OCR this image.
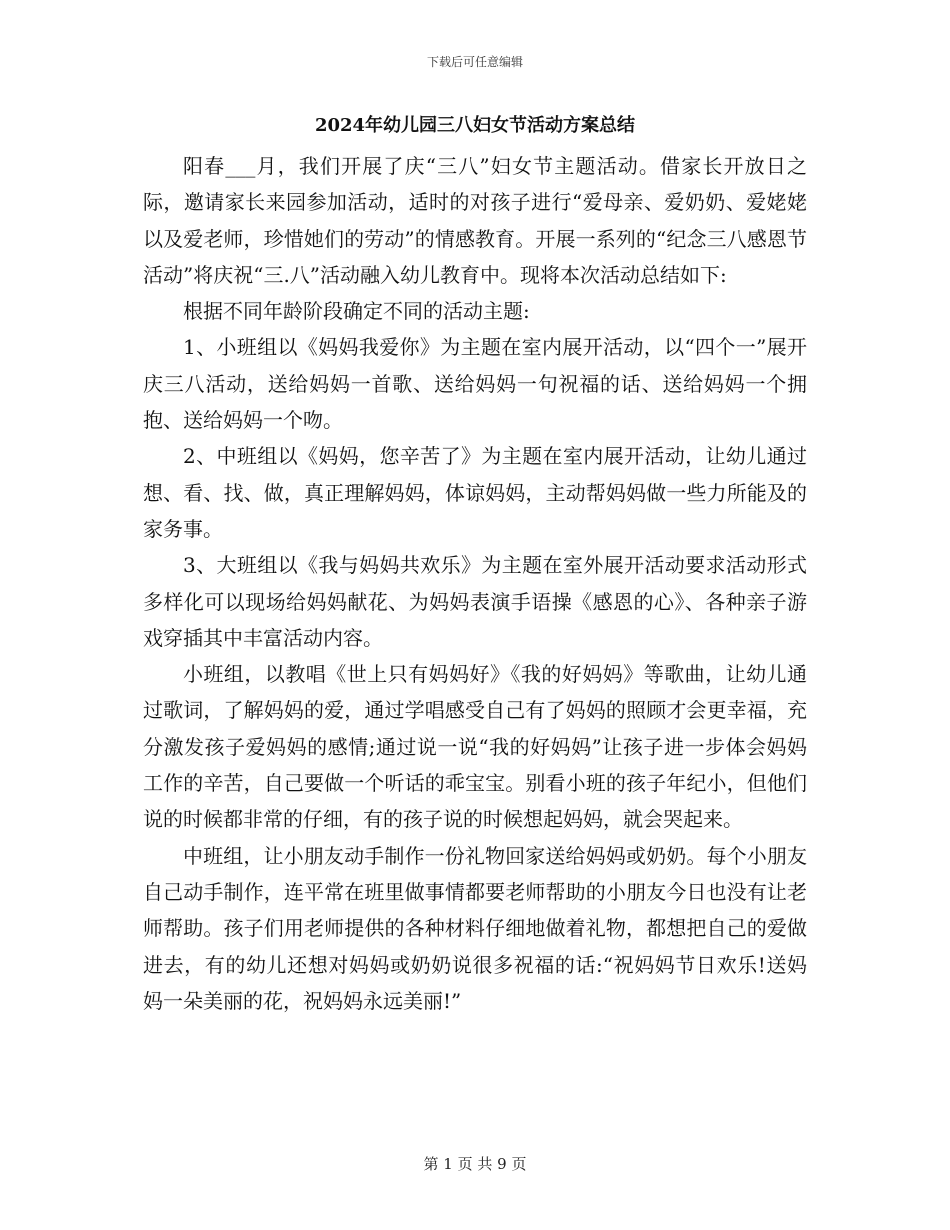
下载后可任意编辑
2024年幼儿园三八妇女节活动方案总结

阳春___月，我们开展了庆“三八”妇女节主题活动。借家长开放日之际，邀请家长来园参加活动，适时的对孩子进行“爱母亲、爱奶奶、爱姥姥以及爱老师，珍惜她们的劳动”的情感教育。开展一系列的“纪念三八感恩节活动”将庆祝“三.八”活动融入幼儿教育中。现将本次活动总结如下:

根据不同年龄阶段确定不同的活动主题:

1、小班组以《妈妈我爱你》为主题在室内展开活动，以“四个一”展开庆三八活动，送给妈妈一首歌、送给妈妈一句祝福的话、送给妈妈一个拥抱、送给妈妈一个吻。

2、中班组以《妈妈，您辛苦了》为主题在室内展开活动，让幼儿通过想、看、找、做，真正理解妈妈，体谅妈妈，主动帮妈妈做一些力所能及的家务事。

3、大班组以《我与妈妈共欢乐》为主题在室外展开活动要求活动形式多样化可以现场给妈妈献花、为妈妈表演手语操《感恩的心》、各种亲子游戏穿插其中丰富活动内容。

小班组，以教唱《世上只有妈妈好》《我的好妈妈》等歌曲，让幼儿通过歌词，了解妈妈的爱，通过学唱感受自己有了妈妈的照顾才会更幸福，充分激发孩子爱妈妈的感情;通过说一说“我的好妈妈”让孩子进一步体会妈妈工作的辛苦，自己要做一个听话的乖宝宝。别看小班的孩子年纪小，但他们说的时候都非常的仔细，有的孩子说的时候想起妈妈，就会哭起来。

中班组，让小朋友动手制作一份礼物回家送给妈妈或奶奶。每个小朋友自己动手制作，连平常在班里做事情都要老师帮助的小朋友今日也没有让老师帮助。孩子们用老师提供的各种材料仔细地做着礼物，都想把自己的爱做进去，有的幼儿还想对妈妈或奶奶说很多祝福的话:“祝妈妈节日欢乐!送妈妈一朵美丽的花，祝妈妈永远美丽!”

第 1 页 共 9 页
